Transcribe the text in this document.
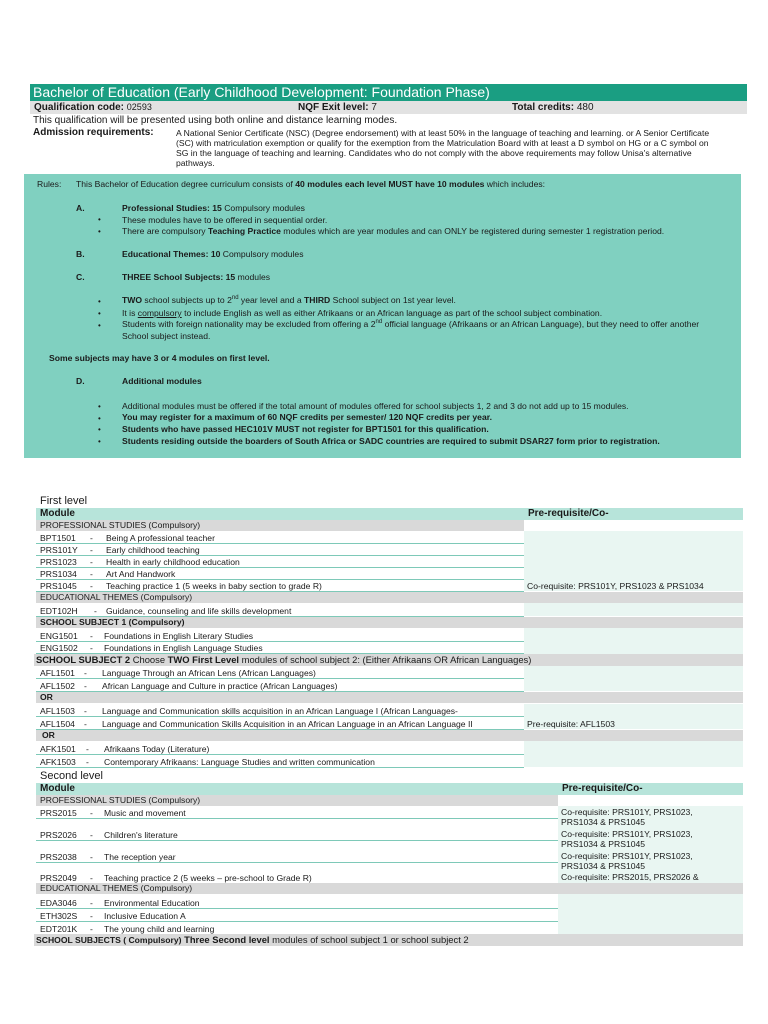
Bachelor of Education (Early Childhood Development: Foundation Phase)
Qualification code: 02593	NQF Exit level: 7	Total credits: 480
This qualification will be presented using both online and distance learning modes.
Admission requirements:	A National Senior Certificate (NSC) (Degree endorsement) with at least 50% in the language of teaching and learning. or A Senior Certificate
(SC) with matriculation exemption or qualify for the exemption from the Matriculation Board with at least a D symbol on HG or a C symbol on
SG in the language of teaching and learning. Candidates who do not comply with the above requirements may follow Unisa's alternative
pathways.
Rules: This Bachelor of Education degree curriculum consists of 40 modules each level MUST have 10 modules which includes:
A.	Professional Studies: 15 Compulsory modules
• These modules have to be offered in sequential order.
• There are compulsory Teaching Practice modules which are year modules and can ONLY be registered during semester 1 registration period.
B.	Educational Themes: 10 Compulsory modules
C.	THREE School Subjects: 15 modules
• TWO school subjects up to 2nd year level and a THIRD School subject on 1st year level.
• It is compulsory to include English as well as either Afrikaans or an African language as part of the school subject combination.
• Students with foreign nationality may be excluded from offering a 2nd official language (Afrikaans or an African Language), but they need to offer another
School subject instead.
Some subjects may have 3 or 4 modules on first level.
D.	Additional modules
• Additional modules must be offered if the total amount of modules offered for school subjects 1, 2 and 3 do not add up to 15 modules.
• You may register for a maximum of 60 NQF credits per semester/ 120 NQF credits per year.
• Students who have passed HEC101V MUST not register for BPT1501 for this qualification.
• Students residing outside the boarders of South Africa or SADC countries are required to submit DSAR27 form prior to registration.
First level
Module	Pre-requisite/Co-
PROFESSIONAL STUDIES (Compulsory)
BPT1501 - Being A professional teacher
PRS101Y - Early childhood teaching
PRS1023 - Health in early childhood education
PRS1034 - Art And Handwork
PRS1045 - Teaching practice 1 (5 weeks in baby section to grade R)	Co-requisite: PRS101Y, PRS1023 & PRS1034
EDUCATIONAL THEMES (Compulsory)
EDT102H - Guidance, counseling and life skills development
SCHOOL SUBJECT 1 (Compulsory)
ENG1501 - Foundations in English Literary Studies
ENG1502 - Foundations in English Language Studies
SCHOOL SUBJECT 2 Choose TWO First Level modules of school subject 2: (Either Afrikaans OR African Languages)
AFL1501 - Language Through an African Lens (African Languages)
AFL1502 - African Language and Culture in practice (African Languages)
OR
AFL1503 - Language and Communication skills acquisition in an African Language I (African Languages-
AFL1504 - Language and Communication Skills Acquisition in an African Language in an African Language II	Pre-requisite: AFL1503
OR
AFK1501 - Afrikaans Today (Literature)
AFK1503 - Contemporary Afrikaans: Language Studies and written communication
Second level
Module	Pre-requisite/Co-
PROFESSIONAL STUDIES (Compulsory)
PRS2015 - Music and movement	Co-requisite: PRS101Y, PRS1023,
PRS1034 & PRS1045
PRS2026 - Children's literature	Co-requisite: PRS101Y, PRS1023,
PRS1034 & PRS1045
PRS2038 - The reception year	Co-requisite: PRS101Y, PRS1023,
PRS1034 & PRS1045
PRS2049 - Teaching practice 2 (5 weeks – pre-school to Grade R)	Co-requisite: PRS2015, PRS2026 &
EDUCATIONAL THEMES (Compulsory)
EDA3046 - Environmental Education
ETH302S - Inclusive Education A
EDT201K - The young child and learning
SCHOOL SUBJECTS ( Compulsory) Three Second level modules of school subject 1 or school subject 2
